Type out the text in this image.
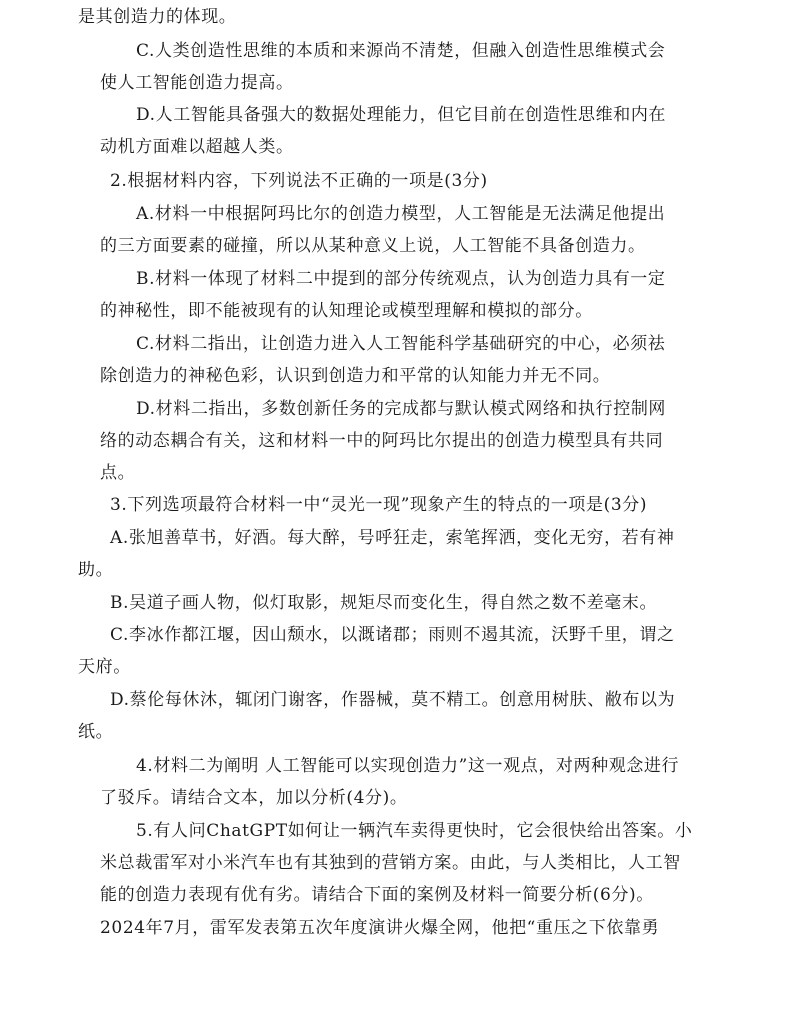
是其创造力的体现。
C.人类创造性思维的本质和来源尚不清楚，但融入创造性思维模式会
使人工智能创造力提高。
D.人工智能具备强大的数据处理能力，但它目前在创造性思维和内在
动机方面难以超越人类。
2.根据材料内容，下列说法不正确的一项是(3分)
A.材料一中根据阿玛比尔的创造力模型，人工智能是无法满足他提出
的三方面要素的碰撞，所以从某种意义上说，人工智能不具备创造力。
B.材料一体现了材料二中提到的部分传统观点，认为创造力具有一定
的神秘性，即不能被现有的认知理论或模型理解和模拟的部分。
C.材料二指出，让创造力进入人工智能科学基础研究的中心，必须祛
除创造力的神秘色彩，认识到创造力和平常的认知能力并无不同。
D.材料二指出，多数创新任务的完成都与默认模式网络和执行控制网
络的动态耦合有关，这和材料一中的阿玛比尔提出的创造力模型具有共同
点。
3.下列选项最符合材料一中“灵光一现”现象产生的特点的一项是(3分)
A.张旭善草书，好酒。每大醉，号呼狂走，索笔挥洒，变化无穷，若有神
助。
B.吴道子画人物，似灯取影，规矩尽而变化生，得自然之数不差毫末。
C.李冰作都江堰，因山颓水，以溉诸郡；雨则不遏其流，沃野千里，谓之
天府。
D.蔡伦每休沐，辄闭门谢客，作器械，莫不精工。创意用树肤、敝布以为
纸。
4.材料二为阐明 人工智能可以实现创造力”这一观点，对两种观念进行
了驳斥。请结合文本，加以分析(4分)。
5.有人问ChatGPT如何让一辆汽车卖得更快时，它会很快给出答案。小
米总裁雷军对小米汽车也有其独到的营销方案。由此，与人类相比，人工智
能的创造力表现有优有劣。请结合下面的案例及材料一简要分析(6分)。
2024年7月，雷军发表第五次年度演讲火爆全网，他把“重压之下依靠勇
